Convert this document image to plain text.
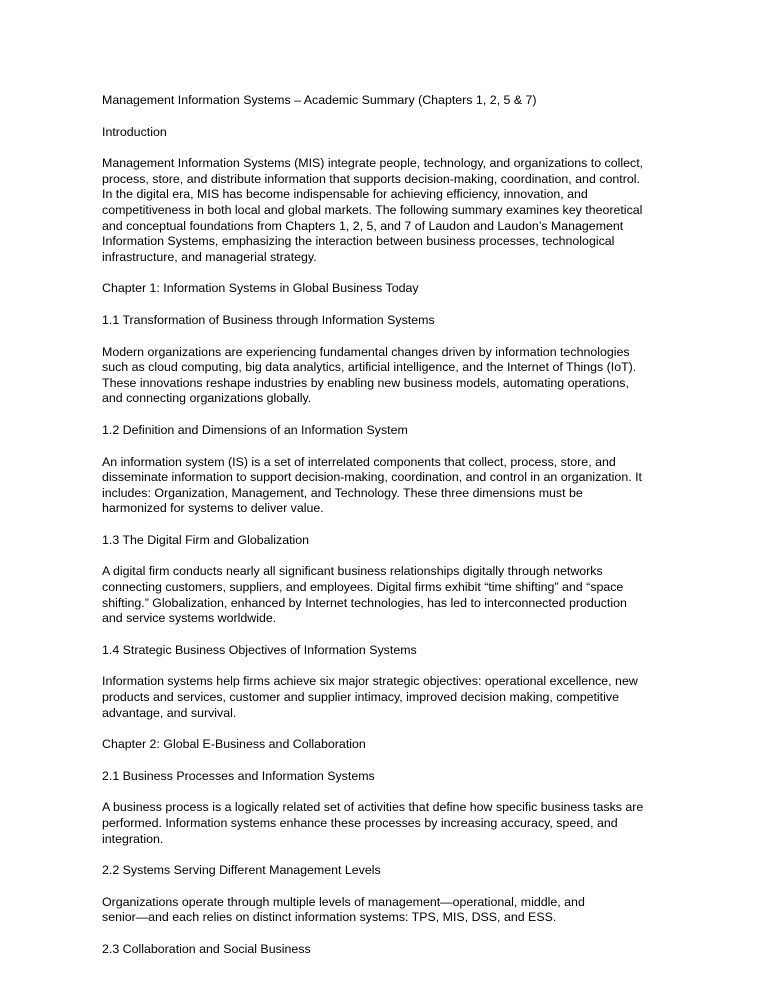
Management Information Systems – Academic Summary (Chapters 1, 2, 5 & 7)

Introduction

Management Information Systems (MIS) integrate people, technology, and organizations to collect,

process, store, and distribute information that supports decision-making, coordination, and control.

In the digital era, MIS has become indispensable for achieving efficiency, innovation, and

competitiveness in both local and global markets. The following summary examines key theoretical

and conceptual foundations from Chapters 1, 2, 5, and 7 of Laudon and Laudon’s Management

Information Systems, emphasizing the interaction between business processes, technological

infrastructure, and managerial strategy.

Chapter 1: Information Systems in Global Business Today

1.1 Transformation of Business through Information Systems

Modern organizations are experiencing fundamental changes driven by information technologies

such as cloud computing, big data analytics, artificial intelligence, and the Internet of Things (IoT).

These innovations reshape industries by enabling new business models, automating operations,

and connecting organizations globally.

1.2 Definition and Dimensions of an Information System

An information system (IS) is a set of interrelated components that collect, process, store, and

disseminate information to support decision-making, coordination, and control in an organization. It

includes: Organization, Management, and Technology. These three dimensions must be

harmonized for systems to deliver value.

1.3 The Digital Firm and Globalization

A digital firm conducts nearly all significant business relationships digitally through networks

connecting customers, suppliers, and employees. Digital firms exhibit “time shifting” and “space

shifting.” Globalization, enhanced by Internet technologies, has led to interconnected production

and service systems worldwide.

1.4 Strategic Business Objectives of Information Systems

Information systems help firms achieve six major strategic objectives: operational excellence, new

products and services, customer and supplier intimacy, improved decision making, competitive

advantage, and survival.

Chapter 2: Global E-Business and Collaboration

2.1 Business Processes and Information Systems

A business process is a logically related set of activities that define how specific business tasks are

performed. Information systems enhance these processes by increasing accuracy, speed, and

integration.

2.2 Systems Serving Different Management Levels

Organizations operate through multiple levels of management—operational, middle, and

senior—and each relies on distinct information systems: TPS, MIS, DSS, and ESS.

2.3 Collaboration and Social Business
